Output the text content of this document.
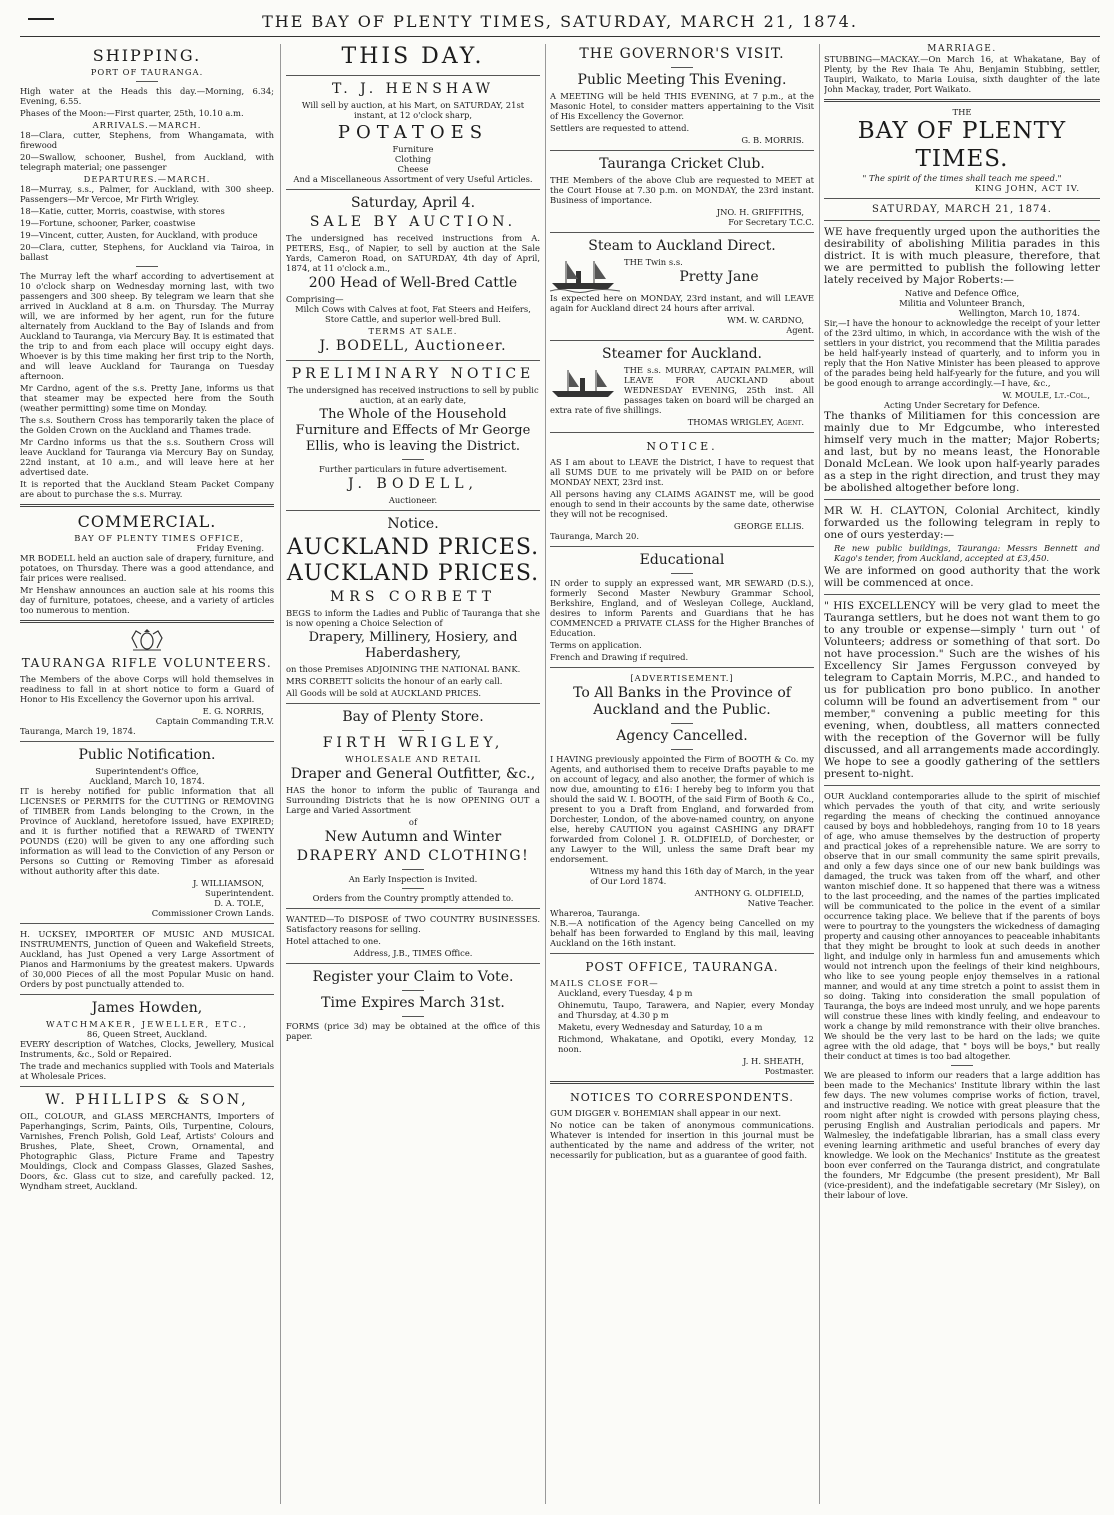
THE BAY OF PLENTY TIMES, SATURDAY, MARCH 21, 1874.
SHIPPING.
PORT OF TAURANGA.

High water at the Heads this day.—Morning, 6.34; Evening, 6.55.

Phases of the Moon:—First quarter, 25th, 10.10 a.m.

ARRIVALS.—MARCH.

18—Clara, cutter, Stephens, from Whangamata, with firewood

20—Swallow, schooner, Bushel, from Auckland, with telegraph material; one passenger

DEPARTURES.—MARCH.

18—Murray, s.s., Palmer, for Auckland, with 300 sheep. Passengers—Mr Vercoe, Mr Firth Wrigley.

18—Katie, cutter, Morris, coastwise, with stores

19—Fortune, schooner, Parker, coastwise

19—Vincent, cutter, Austen, for Auckland, with produce

20—Clara, cutter, Stephens, for Auckland via Tairoa, in ballast

The Murray left the wharf according to advertisement at 10 o'clock sharp on Wednesday morning last, with two passengers and 300 sheep. By telegram we learn that she arrived in Auckland at 8 a.m. on Thursday. The Murray will, we are informed by her agent, run for the future alternately from Auckland to the Bay of Islands and from Auckland to Tauranga, via Mercury Bay. It is estimated that the trip to and from each place will occupy eight days. Whoever is by this time making her first trip to the North, and will leave Auckland for Tauranga on Tuesday afternoon.

Mr Cardno, agent of the s.s. Pretty Jane, informs us that that steamer may be expected here from the South (weather permitting) some time on Monday.

The s.s. Southern Cross has temporarily taken the place of the Golden Crown on the Auckland and Thames trade.

Mr Cardno informs us that the s.s. Southern Cross will leave Auckland for Tauranga via Mercury Bay on Sunday, 22nd instant, at 10 a.m., and will leave here at her advertised date.

It is reported that the Auckland Steam Packet Company are about to purchase the s.s. Murray.

COMMERCIAL.
BAY OF PLENTY TIMES OFFICE,
Friday Evening.

MR BODELL held an auction sale of drapery, furniture, and potatoes, on Thursday. There was a good attendance, and fair prices were realised.

Mr Henshaw announces an auction sale at his rooms this day of furniture, potatoes, cheese, and a variety of articles too numerous to mention.

TAURANGA RIFLE VOLUNTEERS.

The Members of the above Corps will hold themselves in readiness to fall in at short notice to form a Guard of Honor to His Excellency the Governor upon his arrival.

E. G. NORRIS,
Captain Commanding T.R.V.
Tauranga, March 19, 1874.
Public Notification.
Superintendent's Office,
Auckland, March 10, 1874.

IT is hereby notified for public information that all LICENSES or PERMITS for the CUTTING or REMOVING of TIMBER from Lands belonging to the Crown, in the Province of Auckland, heretofore issued, have EXPIRED; and it is further notified that a REWARD of TWENTY POUNDS (£20) will be given to any one affording such information as will lead to the Conviction of any Person or Persons so Cutting or Removing Timber as aforesaid without authority after this date.

J. WILLIAMSON,
Superintendent.
D. A. TOLE,
Commissioner Crown Lands.

H. UCKSEY, IMPORTER OF MUSIC AND MUSICAL INSTRUMENTS, Junction of Queen and Wakefield Streets, Auckland, has Just Opened a very Large Assortment of Pianos and Harmoniums by the greatest makers. Upwards of 30,000 Pieces of all the most Popular Music on hand. Orders by post punctually attended to.

James Howden,
WATCHMAKER, JEWELLER, ETC.,
86, Queen Street, Auckland.

EVERY description of Watches, Clocks, Jewellery, Musical Instruments, &c., Sold or Repaired.

The trade and mechanics supplied with Tools and Materials at Wholesale Prices.

W. PHILLIPS & SON,

OIL, COLOUR, and GLASS MERCHANTS, Importers of Paperhangings, Scrim, Paints, Oils, Turpentine, Colours, Varnishes, French Polish, Gold Leaf, Artists' Colours and Brushes, Plate, Sheet, Crown, Ornamental, and Photographic Glass, Picture Frame and Tapestry Mouldings, Clock and Compass Glasses, Glazed Sashes, Doors, &c. Glass cut to size, and carefully packed. 12, Wyndham street, Auckland.

THIS DAY.
T. J. HENSHAW

Will sell by auction, at his Mart, on SATURDAY, 21st instant, at 12 o'clock sharp,

POTATOES
Furniture
Clothing
Cheese
And a Miscellaneous Assortment of very Useful Articles.
Saturday, April 4.
SALE BY AUCTION.

The undersigned has received instructions from A. PETERS, Esq., of Napier, to sell by auction at the Sale Yards, Cameron Road, on SATURDAY, 4th day of April, 1874, at 11 o'clock a.m.,

200 Head of Well-Bred Cattle
Comprising—

Milch Cows with Calves at foot, Fat Steers and Heifers, Store Cattle, and superior well-bred Bull.

TERMS AT SALE.
J. BODELL, Auctioneer.
PRELIMINARY NOTICE

The undersigned has received instructions to sell by public auction, at an early date,

The Whole of the Household Furniture and Effects of Mr George Ellis, who is leaving the District.

Further particulars in future advertisement.
J. BODELL,
Auctioneer.
Notice.
AUCKLAND PRICES.
AUCKLAND PRICES.
MRS CORBETT

BEGS to inform the Ladies and Public of Tauranga that she is now opening a Choice Selection of

Drapery, Millinery, Hosiery, and Haberdashery,

on those Premises ADJOINING THE NATIONAL BANK.

MRS CORBETT solicits the honour of an early call.

All Goods will be sold at AUCKLAND PRICES.

Bay of Plenty Store.
FIRTH WRIGLEY,
WHOLESALE AND RETAIL
Draper and General Outfitter, &c.,

HAS the honor to inform the public of Tauranga and Surrounding Districts that he is now OPENING OUT a Large and Varied Assortment

of
New Autumn and Winter
DRAPERY AND CLOTHING!
An Early Inspection is Invited.
Orders from the Country promptly attended to.

WANTED—To DISPOSE of TWO COUNTRY BUSINESSES. Satisfactory reasons for selling.

Hotel attached to one.

Address, J.B., TIMES Office.

Register your Claim to Vote.
Time Expires March 31st.

FORMS (price 3d) may be obtained at the office of this paper.

THE GOVERNOR'S VISIT.
Public Meeting This Evening.

A MEETING will be held THIS EVENING, at 7 p.m., at the Masonic Hotel, to consider matters appertaining to the Visit of His Excellency the Governor.

Settlers are requested to attend.

G. B. MORRIS.
Tauranga Cricket Club.

THE Members of the above Club are requested to MEET at the Court House at 7.30 p.m. on MONDAY, the 23rd instant. Business of importance.

JNO. H. GRIFFITHS,
For Secretary T.C.C.
Steam to Auckland Direct.
THE Twin s.s.
Pretty Jane

Is expected here on MONDAY, 23rd instant, and will LEAVE again for Auckland direct 24 hours after arrival.

WM. W. CARDNO,
Agent.
Steamer for Auckland.

THE s.s. MURRAY, CAPTAIN PALMER, will LEAVE FOR AUCKLAND about WEDNESDAY EVENING, 25th inst. All passages taken on board will be charged an extra rate of five shillings.

THOMAS WRIGLEY, Agent.
NOTICE.

AS I am about to LEAVE the District, I have to request that all SUMS DUE to me privately will be PAID on or before MONDAY NEXT, 23rd inst.

All persons having any CLAIMS AGAINST me, will be good enough to send in their accounts by the same date, otherwise they will not be recognised.

GEORGE ELLIS.
Tauranga, March 20.
Educational

IN order to supply an expressed want, MR SEWARD (D.S.), formerly Second Master Newbury Grammar School, Berkshire, England, and of Wesleyan College, Auckland, desires to inform Parents and Guardians that he has COMMENCED a PRIVATE CLASS for the Higher Branches of Education.

Terms on application.

French and Drawing if required.

[ADVERTISEMENT.]
To All Banks in the Province of Auckland and the Public.
Agency Cancelled.

I HAVING previously appointed the Firm of BOOTH & Co. my Agents, and authorised them to receive Drafts payable to me on account of legacy, and also another, the former of which is now due, amounting to £16: I hereby beg to inform you that should the said W. I. BOOTH, of the said Firm of Booth & Co., present to you a Draft from England, and forwarded from Dorchester, London, of the above-named country, on anyone else, hereby CAUTION you against CASHING any DRAFT forwarded from Colonel J. R. OLDFIELD, of Dorchester, or any Lawyer to the Will, unless the same Draft bear my endorsement.

Witness my hand this 16th day of March, in the year of Our Lord 1874.

ANTHONY G. OLDFIELD,
Native Teacher.
Whareroa, Tauranga.

N.B.—A notification of the Agency being Cancelled on my behalf has been forwarded to England by this mail, leaving Auckland on the 16th instant.

POST OFFICE, TAURANGA.
MAILS CLOSE FOR—

Auckland, every Tuesday, 4 p m

Ohinemutu, Taupo, Tarawera, and Napier, every Monday and Thursday, at 4.30 p m

Maketu, every Wednesday and Saturday, 10 a m

Richmond, Whakatane, and Opotiki, every Monday, 12 noon.

J. H. SHEATH,
Postmaster.
NOTICES TO CORRESPONDENTS.

GUM DIGGER v. BOHEMIAN shall appear in our next.

No notice can be taken of anonymous communications. Whatever is intended for insertion in this journal must be authenticated by the name and address of the writer, not necessarily for publication, but as a guarantee of good faith.

MARRIAGE.

STUBBING—MACKAY.—On March 16, at Whakatane, Bay of Plenty, by the Rev Ihaia Te Ahu, Benjamin Stubbing, settler, Taupiri, Waikato, to Maria Louisa, sixth daughter of the late John Mackay, trader, Port Waikato.

THE
BAY OF PLENTY TIMES.
" The spirit of the times shall teach me speed."
KING JOHN, ACT IV.
SATURDAY, MARCH 21, 1874.

WE have frequently urged upon the authorities the desirability of abolishing Militia parades in this district. It is with much pleasure, therefore, that we are permitted to publish the following letter lately received by Major Roberts:—

Native and Defence Office,
Militia and Volunteer Branch,
Wellington, March 10, 1874.

Sir,—I have the honour to acknowledge the receipt of your letter of the 23rd ultimo, in which, in accordance with the wish of the settlers in your district, you recommend that the Militia parades be held half-yearly instead of quarterly, and to inform you in reply that the Hon Native Minister has been pleased to approve of the parades being held half-yearly for the future, and you will be good enough to arrange accordingly.—I have, &c.,

W. MOULE, Lt.-Col.,
Acting Under Secretary for Defence.

The thanks of Militiamen for this concession are mainly due to Mr Edgcumbe, who interested himself very much in the matter; Major Roberts; and last, but by no means least, the Honorable Donald McLean. We look upon half-yearly parades as a step in the right direction, and trust they may be abolished altogether before long.

MR W. H. CLAYTON, Colonial Architect, kindly forwarded us the following telegram in reply to one of ours yesterday:—

Re new public buildings, Tauranga: Messrs Bennett and Kago's tender, from Auckland, accepted at £3,450.

We are informed on good authority that the work will be commenced at once.

" HIS EXCELLENCY will be very glad to meet the Tauranga settlers, but he does not want them to go to any trouble or expense—simply ' turn out ' of Volunteers; address or something of that sort. Do not have procession." Such are the wishes of his Excellency Sir James Fergusson conveyed by telegram to Captain Morris, M.P.C., and handed to us for publication pro bono publico. In another column will be found an advertisement from " our member," convening a public meeting for this evening, when, doubtless, all matters connected with the reception of the Governor will be fully discussed, and all arrangements made accordingly. We hope to see a goodly gathering of the settlers present to-night.

OUR Auckland contemporaries allude to the spirit of mischief which pervades the youth of that city, and write seriously regarding the means of checking the continued annoyance caused by boys and hobbledehoys, ranging from 10 to 18 years of age, who amuse themselves by the destruction of property and practical jokes of a reprehensible nature. We are sorry to observe that in our small community the same spirit prevails, and only a few days since one of our new bank buildings was damaged, the truck was taken from off the wharf, and other wanton mischief done. It so happened that there was a witness to the last proceeding, and the names of the parties implicated will be communicated to the police in the event of a similar occurrence taking place. We believe that if the parents of boys were to pourtray to the youngsters the wickedness of damaging property and causing other annoyances to peaceable inhabitants that they might be brought to look at such deeds in another light, and indulge only in harmless fun and amusements which would not intrench upon the feelings of their kind neighbours, who like to see young people enjoy themselves in a rational manner, and would at any time stretch a point to assist them in so doing. Taking into consideration the small population of Tauranga, the boys are indeed most unruly, and we hope parents will construe these lines with kindly feeling, and endeavour to work a change by mild remonstrance with their olive branches. We should be the very last to be hard on the lads; we quite agree with the old adage, that " boys will be boys," but really their conduct at times is too bad altogether.

We are pleased to inform our readers that a large addition has been made to the Mechanics' Institute library within the last few days. The new volumes comprise works of fiction, travel, and instructive reading. We notice with great pleasure that the room night after night is crowded with persons playing chess, perusing English and Australian periodicals and papers. Mr Walmesley, the indefatigable librarian, has a small class every evening learning arithmetic and useful branches of every day knowledge. We look on the Mechanics' Institute as the greatest boon ever conferred on the Tauranga district, and congratulate the founders, Mr Edgcumbe (the present president), Mr Ball (vice-president), and the indefatigable secretary (Mr Sisley), on their labour of love.
